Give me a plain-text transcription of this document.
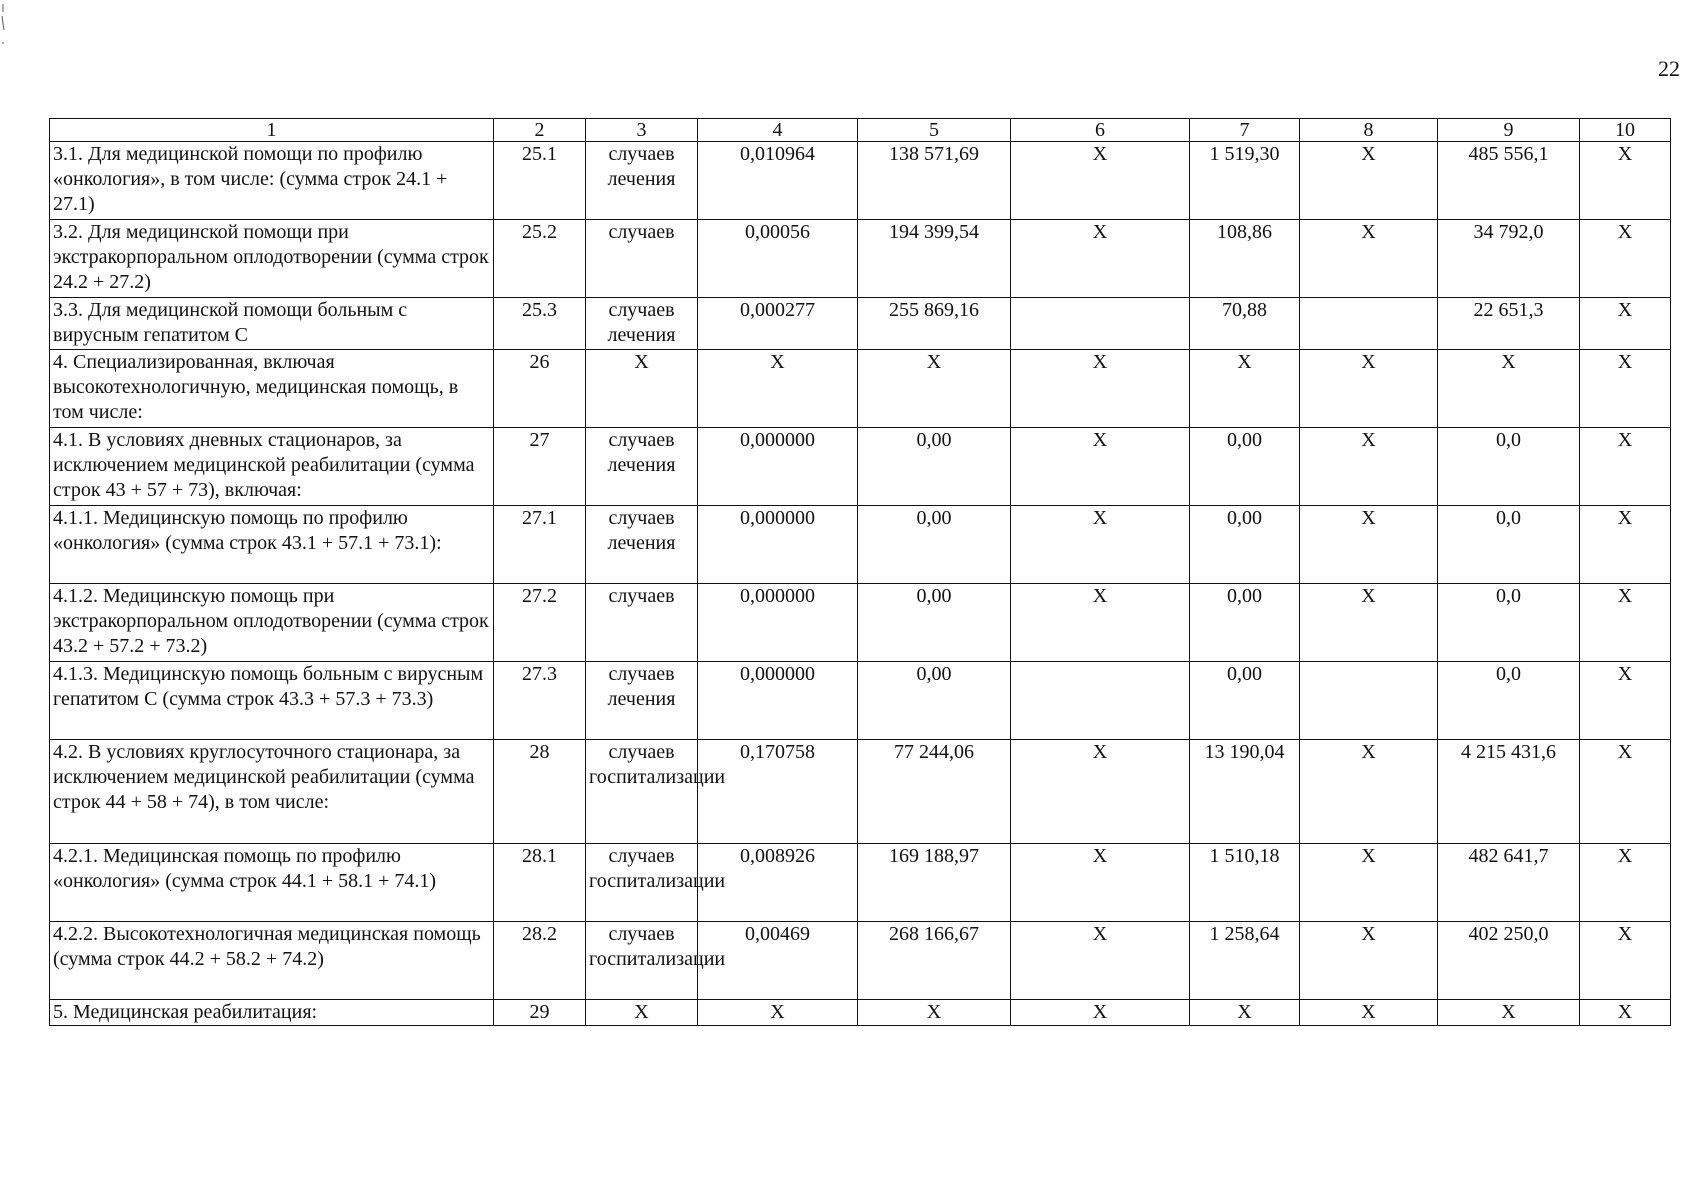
22
1	2	3	4	5	6	7	8	9	10
3.1. Для медицинской помощи по профилю «онкология», в том числе: (сумма строк 24.1 + 27.1)	25.1	случаев лечения	0,010964	138 571,69	Х	1 519,30	Х	485 556,1	Х
3.2. Для медицинской помощи при экстракорпоральном оплодотворении (сумма строк 24.2 + 27.2)	25.2	случаев	0,00056	194 399,54	Х	108,86	Х	34 792,0	Х
3.3. Для медицинской помощи больным с вирусным гепатитом С	25.3	случаев лечения	0,000277	255 869,16		70,88		22 651,3	Х
4. Специализированная, включая высокотехнологичную, медицинская помощь, в том числе:	26	Х	Х	Х	Х	Х	Х	Х	Х
4.1. В условиях дневных стационаров, за исключением медицинской реабилитации (сумма строк 43 + 57 + 73), включая:	27	случаев лечения	0,000000	0,00	Х	0,00	Х	0,0	Х
4.1.1. Медицинскую помощь по профилю «онкология» (сумма строк 43.1 + 57.1 + 73.1):	27.1	случаев лечения	0,000000	0,00	Х	0,00	Х	0,0	Х
4.1.2. Медицинскую помощь при экстракорпоральном оплодотворении (сумма строк 43.2 + 57.2 + 73.2)	27.2	случаев	0,000000	0,00	Х	0,00	Х	0,0	Х
4.1.3. Медицинскую помощь больным с вирусным гепатитом С (сумма строк 43.3 + 57.3 + 73.3)	27.3	случаев лечения	0,000000	0,00		0,00		0,0	Х
4.2. В условиях круглосуточного стационара, за исключением медицинской реабилитации (сумма строк 44 + 58 + 74), в том числе:	28	случаев госпитализации	0,170758	77 244,06	Х	13 190,04	Х	4 215 431,6	Х
4.2.1. Медицинская помощь по профилю «онкология» (сумма строк 44.1 + 58.1 + 74.1)	28.1	случаев госпитализации	0,008926	169 188,97	Х	1 510,18	Х	482 641,7	Х
4.2.2. Высокотехнологичная медицинская помощь (сумма строк 44.2 + 58.2 + 74.2)	28.2	случаев госпитализации	0,00469	268 166,67	Х	1 258,64	Х	402 250,0	Х
5. Медицинская реабилитация:	29	Х	Х	Х	Х	Х	Х	Х	Х
